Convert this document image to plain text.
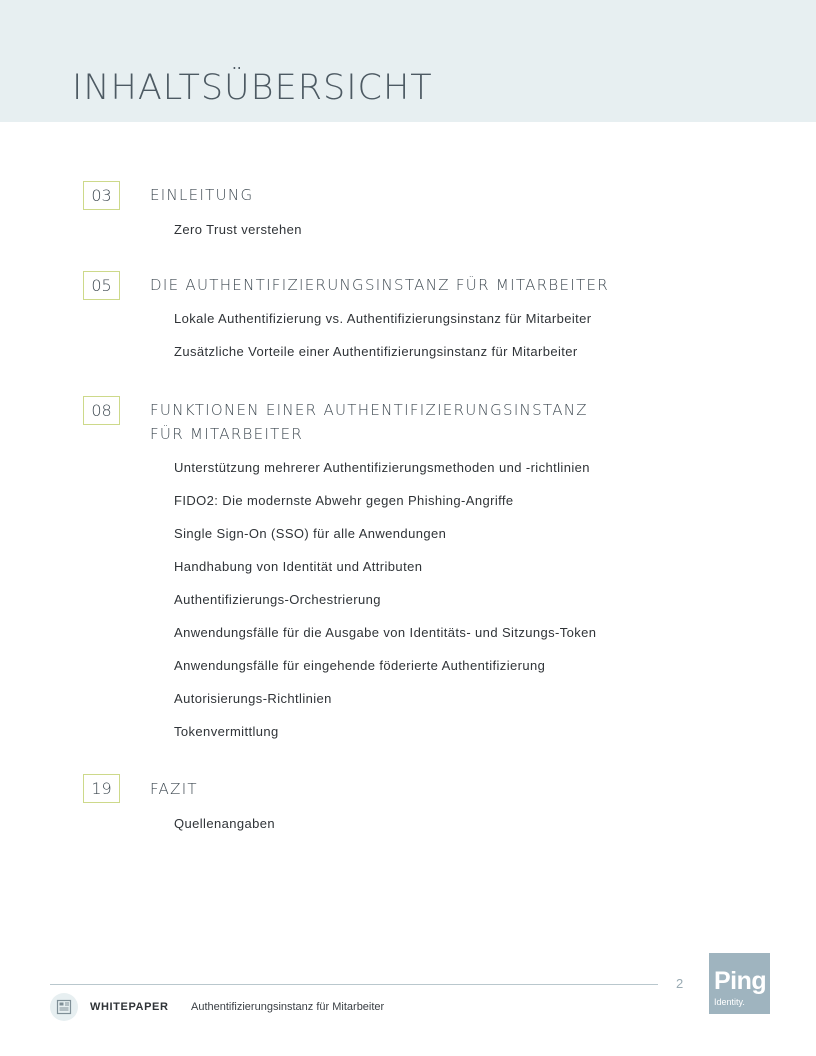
INHALTSÜBERSICHT
03	EINLEITUNG
Zero Trust verstehen
05	DIE AUTHENTIFIZIERUNGSINSTANZ FÜR MITARBEITER
Lokale Authentifizierung vs. Authentifizierungsinstanz für Mitarbeiter
Zusätzliche Vorteile einer Authentifizierungsinstanz für Mitarbeiter
08	FUNKTIONEN EINER AUTHENTIFIZIERUNGSINSTANZ
FÜR MITARBEITER
Unterstützung mehrerer Authentifizierungsmethoden und -richtlinien
FIDO2: Die modernste Abwehr gegen Phishing-Angriffe
Single Sign-On (SSO) für alle Anwendungen
Handhabung von Identität und Attributen
Authentifizierungs-Orchestrierung
Anwendungsfälle für die Ausgabe von Identitäts- und Sitzungs-Token
Anwendungsfälle für eingehende föderierte Authentifizierung
Autorisierungs-Richtlinien
Tokenvermittlung
19	FAZIT
Quellenangaben
2 Ping
Identity.
WHITEPAPER Authentifizierungsinstanz für Mitarbeiter
